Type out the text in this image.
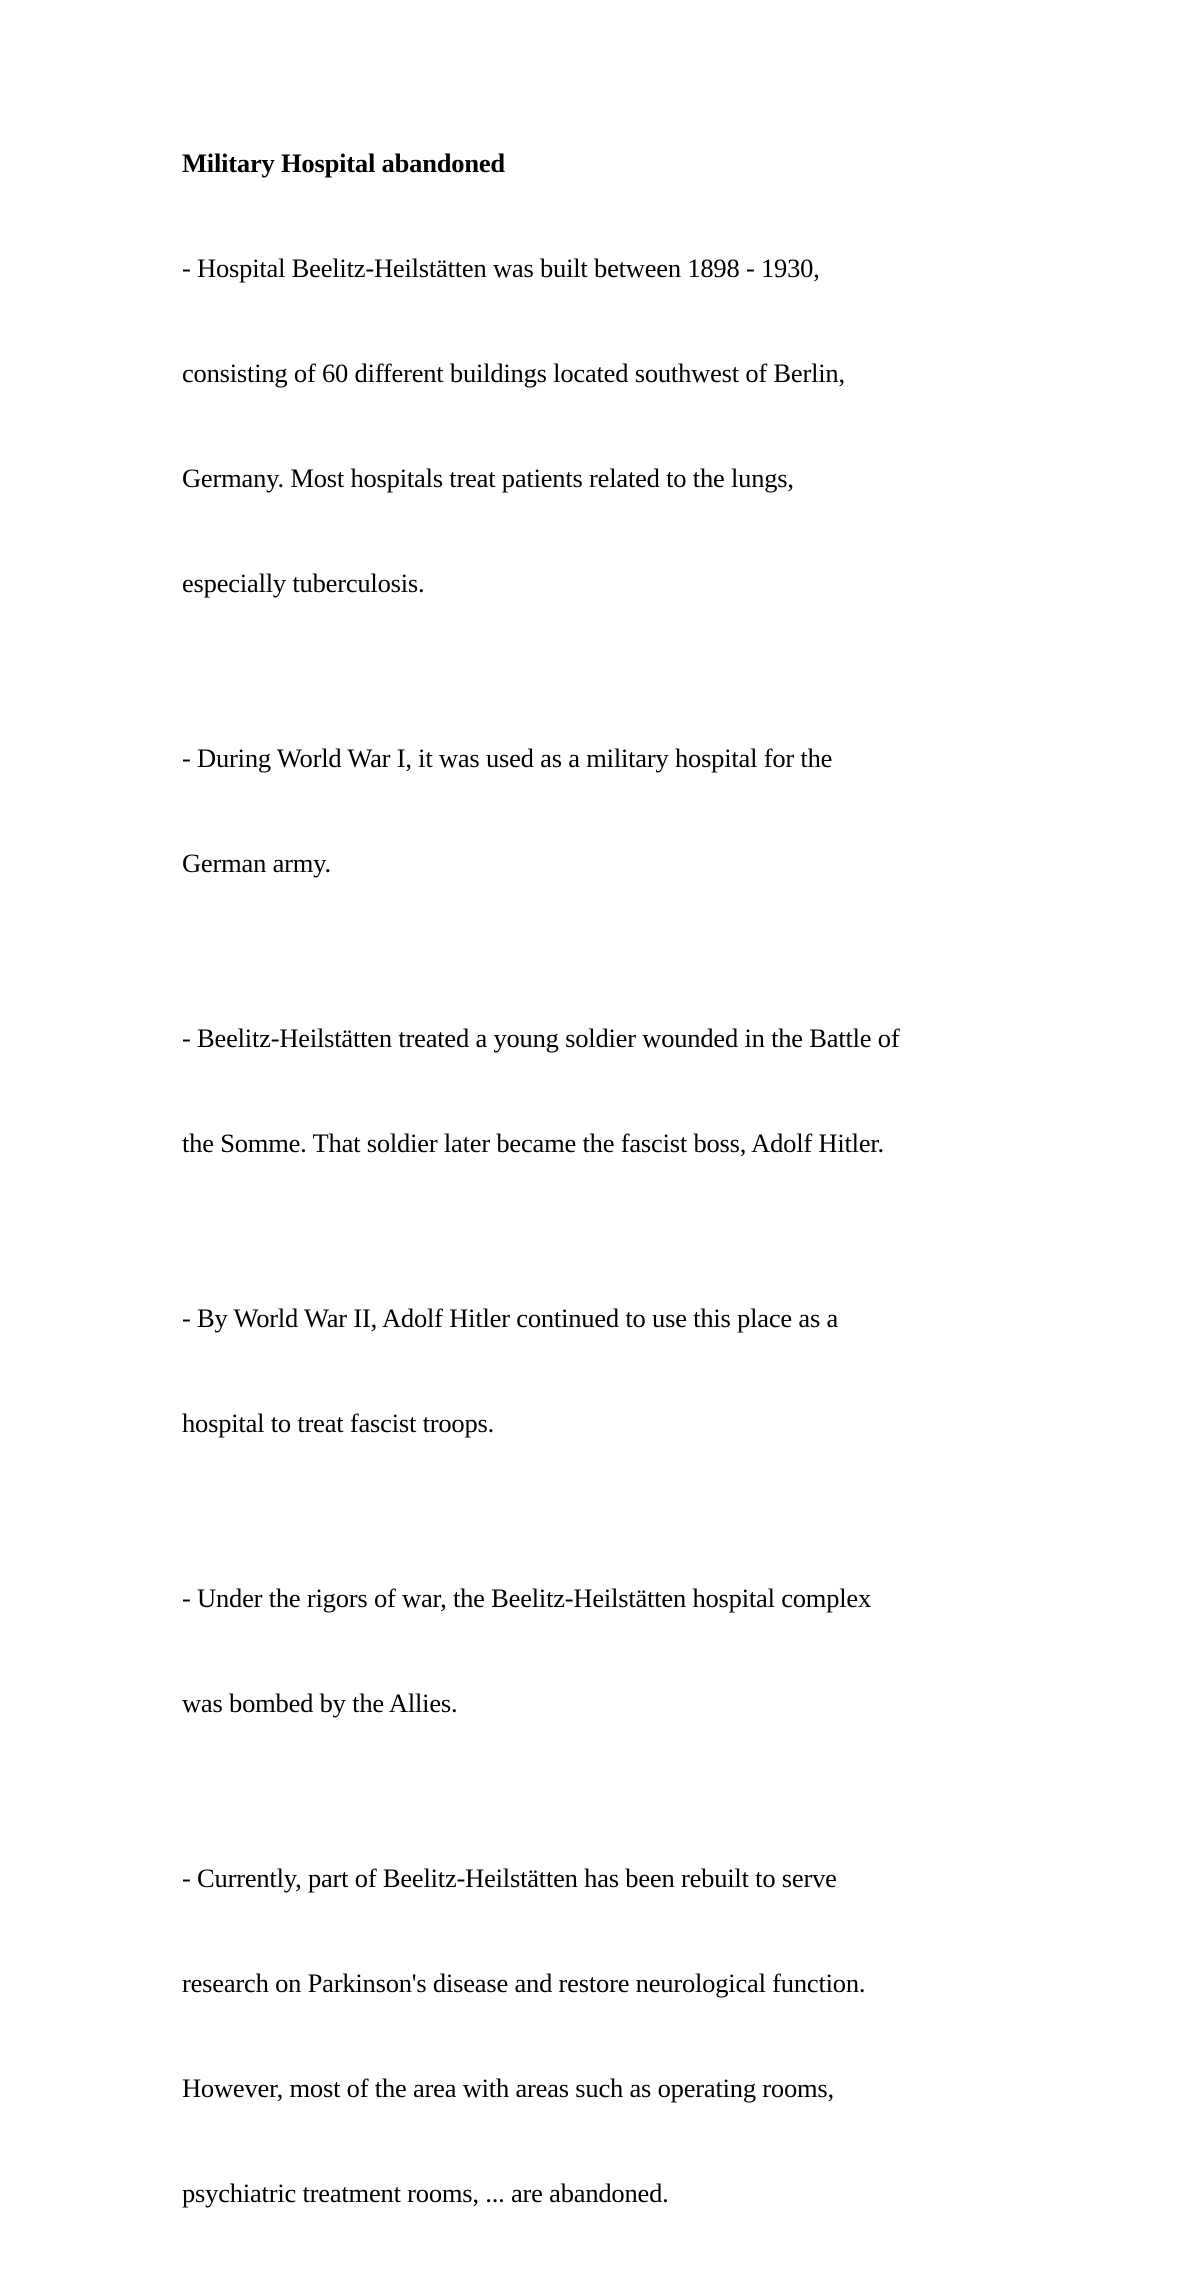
Military Hospital abandoned

- Hospital Beelitz-Heilstätten was built between 1898 - 1930,

consisting of 60 different buildings located southwest of Berlin,

Germany. Most hospitals treat patients related to the lungs,

especially tuberculosis.

- During World War I, it was used as a military hospital for the

German army.

- Beelitz-Heilstätten treated a young soldier wounded in the Battle of

the Somme. That soldier later became the fascist boss, Adolf Hitler.

- By World War II, Adolf Hitler continued to use this place as a

hospital to treat fascist troops.

- Under the rigors of war, the Beelitz-Heilstätten hospital complex

was bombed by the Allies.

- Currently, part of Beelitz-Heilstätten has been rebuilt to serve

research on Parkinson's disease and restore neurological function.

However, most of the area with areas such as operating rooms,

psychiatric treatment rooms, ... are abandoned.
